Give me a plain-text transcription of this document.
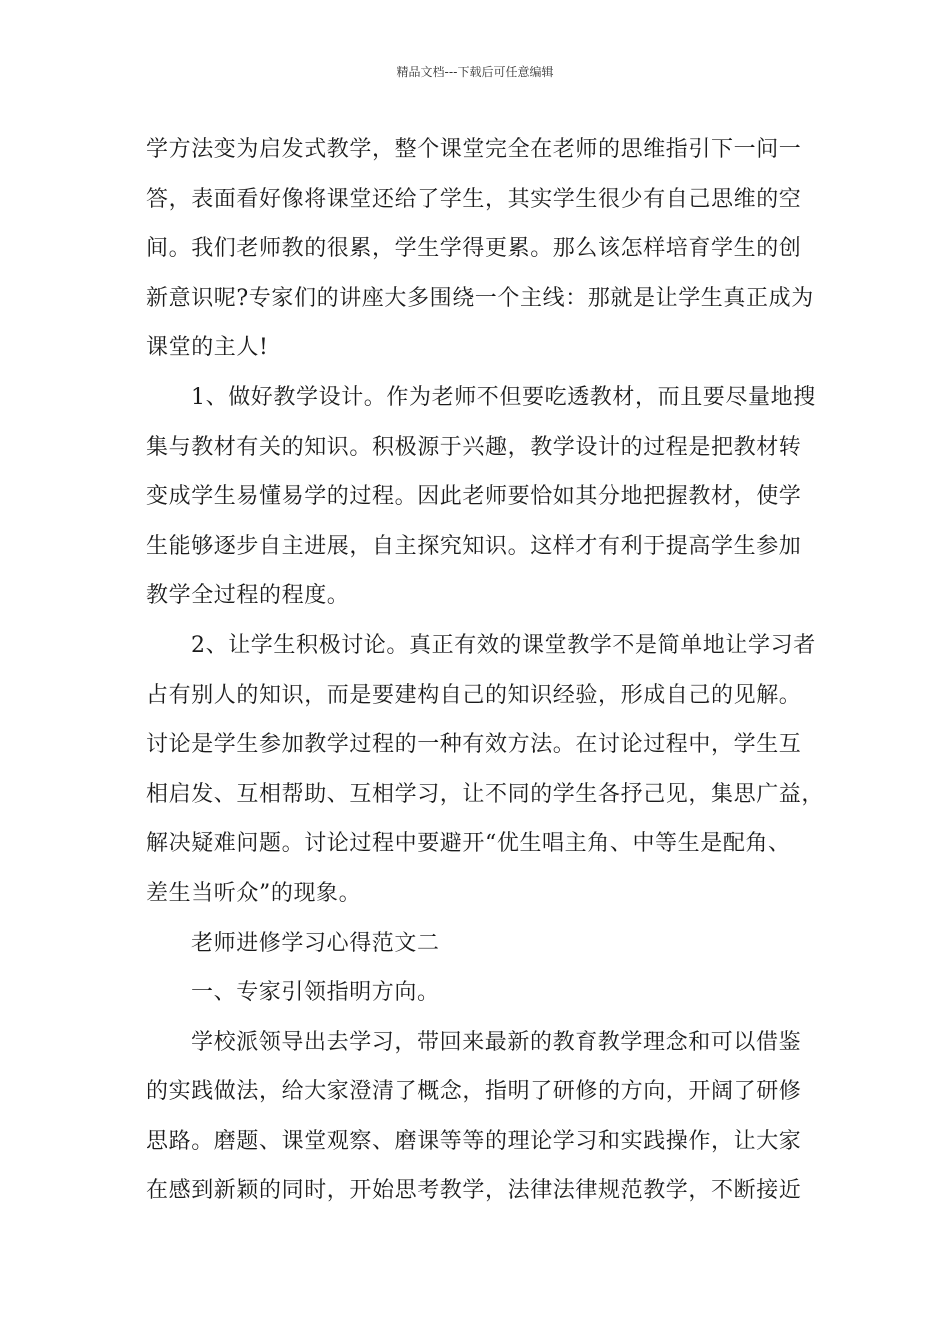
精品文档---下载后可任意编辑

学方法变为启发式教学，整个课堂完全在老师的思维指引下一问一
答，表面看好像将课堂还给了学生，其实学生很少有自己思维的空
间。我们老师教的很累，学生学得更累。那么该怎样培育学生的创
新意识呢?专家们的讲座大多围绕一个主线：那就是让学生真正成为
课堂的主人!

1、做好教学设计。作为老师不但要吃透教材，而且要尽量地搜
集与教材有关的知识。积极源于兴趣，教学设计的过程是把教材转
变成学生易懂易学的过程。因此老师要恰如其分地把握教材，使学
生能够逐步自主进展，自主探究知识。这样才有利于提高学生参加
教学全过程的程度。

2、让学生积极讨论。真正有效的课堂教学不是简单地让学习者
占有别人的知识，而是要建构自己的知识经验，形成自己的见解。
讨论是学生参加教学过程的一种有效方法。在讨论过程中，学生互
相启发、互相帮助、互相学习，让不同的学生各抒己见，集思广益，
解决疑难问题。讨论过程中要避开“优生唱主角、中等生是配角、
差生当听众”的现象。

老师进修学习心得范文二

一、专家引领指明方向。

学校派领导出去学习，带回来最新的教育教学理念和可以借鉴
的实践做法，给大家澄清了概念，指明了研修的方向，开阔了研修
思路。磨题、课堂观察、磨课等等的理论学习和实践操作，让大家
在感到新颖的同时，开始思考教学，法律法律规范教学，不断接近
